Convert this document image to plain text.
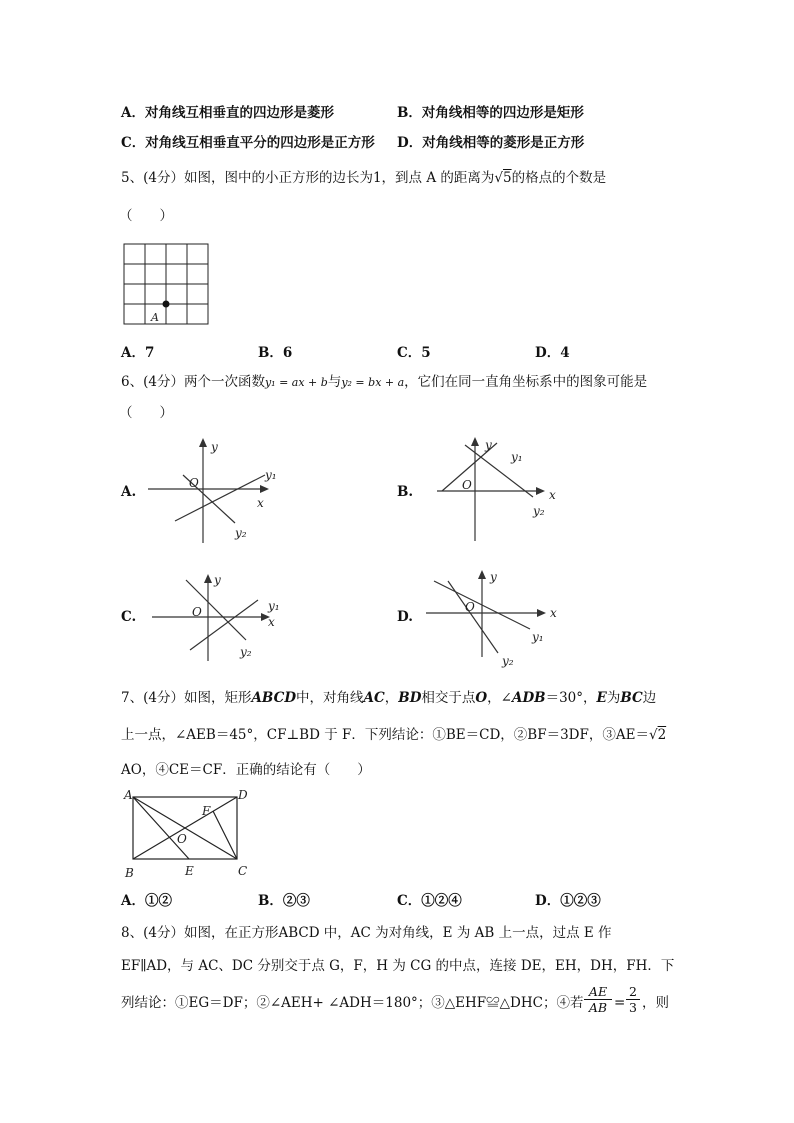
A．对角线互相垂直的四边形是菱形	B．对角线相等的四边形是矩形
C．对角线互相垂直平分的四边形是正方形 D．对角线相等的菱形是正方形
5、(4分）如图，图中的小正方形的边长为1，到点 A 的距离为√5的格点的个数是
（　　）
A
A．7	B．6	C．5	D．4
6、(4分）两个一次函数y₁ = ax + b与y₂ = bx + a，它们在同一直角坐标系中的图象可能是
（　　）
A.	B.
C.	D.
y
x
O
y₁
y₂
y
x
O
y₁
y₂
y
x
O	y₁
y₂
y
x
O
y₁
y₂
7、(4分）如图，矩形ABCD中，对角线AC，BD相交于点O，∠ADB＝30°，E为BC边
上一点，∠AEB＝45°，CF⊥BD 于 F．下列结论：①BE＝CD，②BF＝3DF，③AE＝√2
AO，④CE＝CF．正确的结论有（　　）
A	D
B	C
E
F
O
A．①②	B．②③	C．①②④	D．①②③
8、(4分）如图，在正方形ABCD 中，AC 为对角线，E 为 AB 上一点，过点 E 作
EF∥AD，与 AC、DC 分别交于点 G，F，H 为 CG 的中点，连接 DE，EH，DH，FH．下
列结论：①EG＝DF；②∠AEH+ ∠ADH＝180°；③△EHF≌△DHC；④若 $\frac{AE}{AB} = \frac{2}{3}$ ，则
